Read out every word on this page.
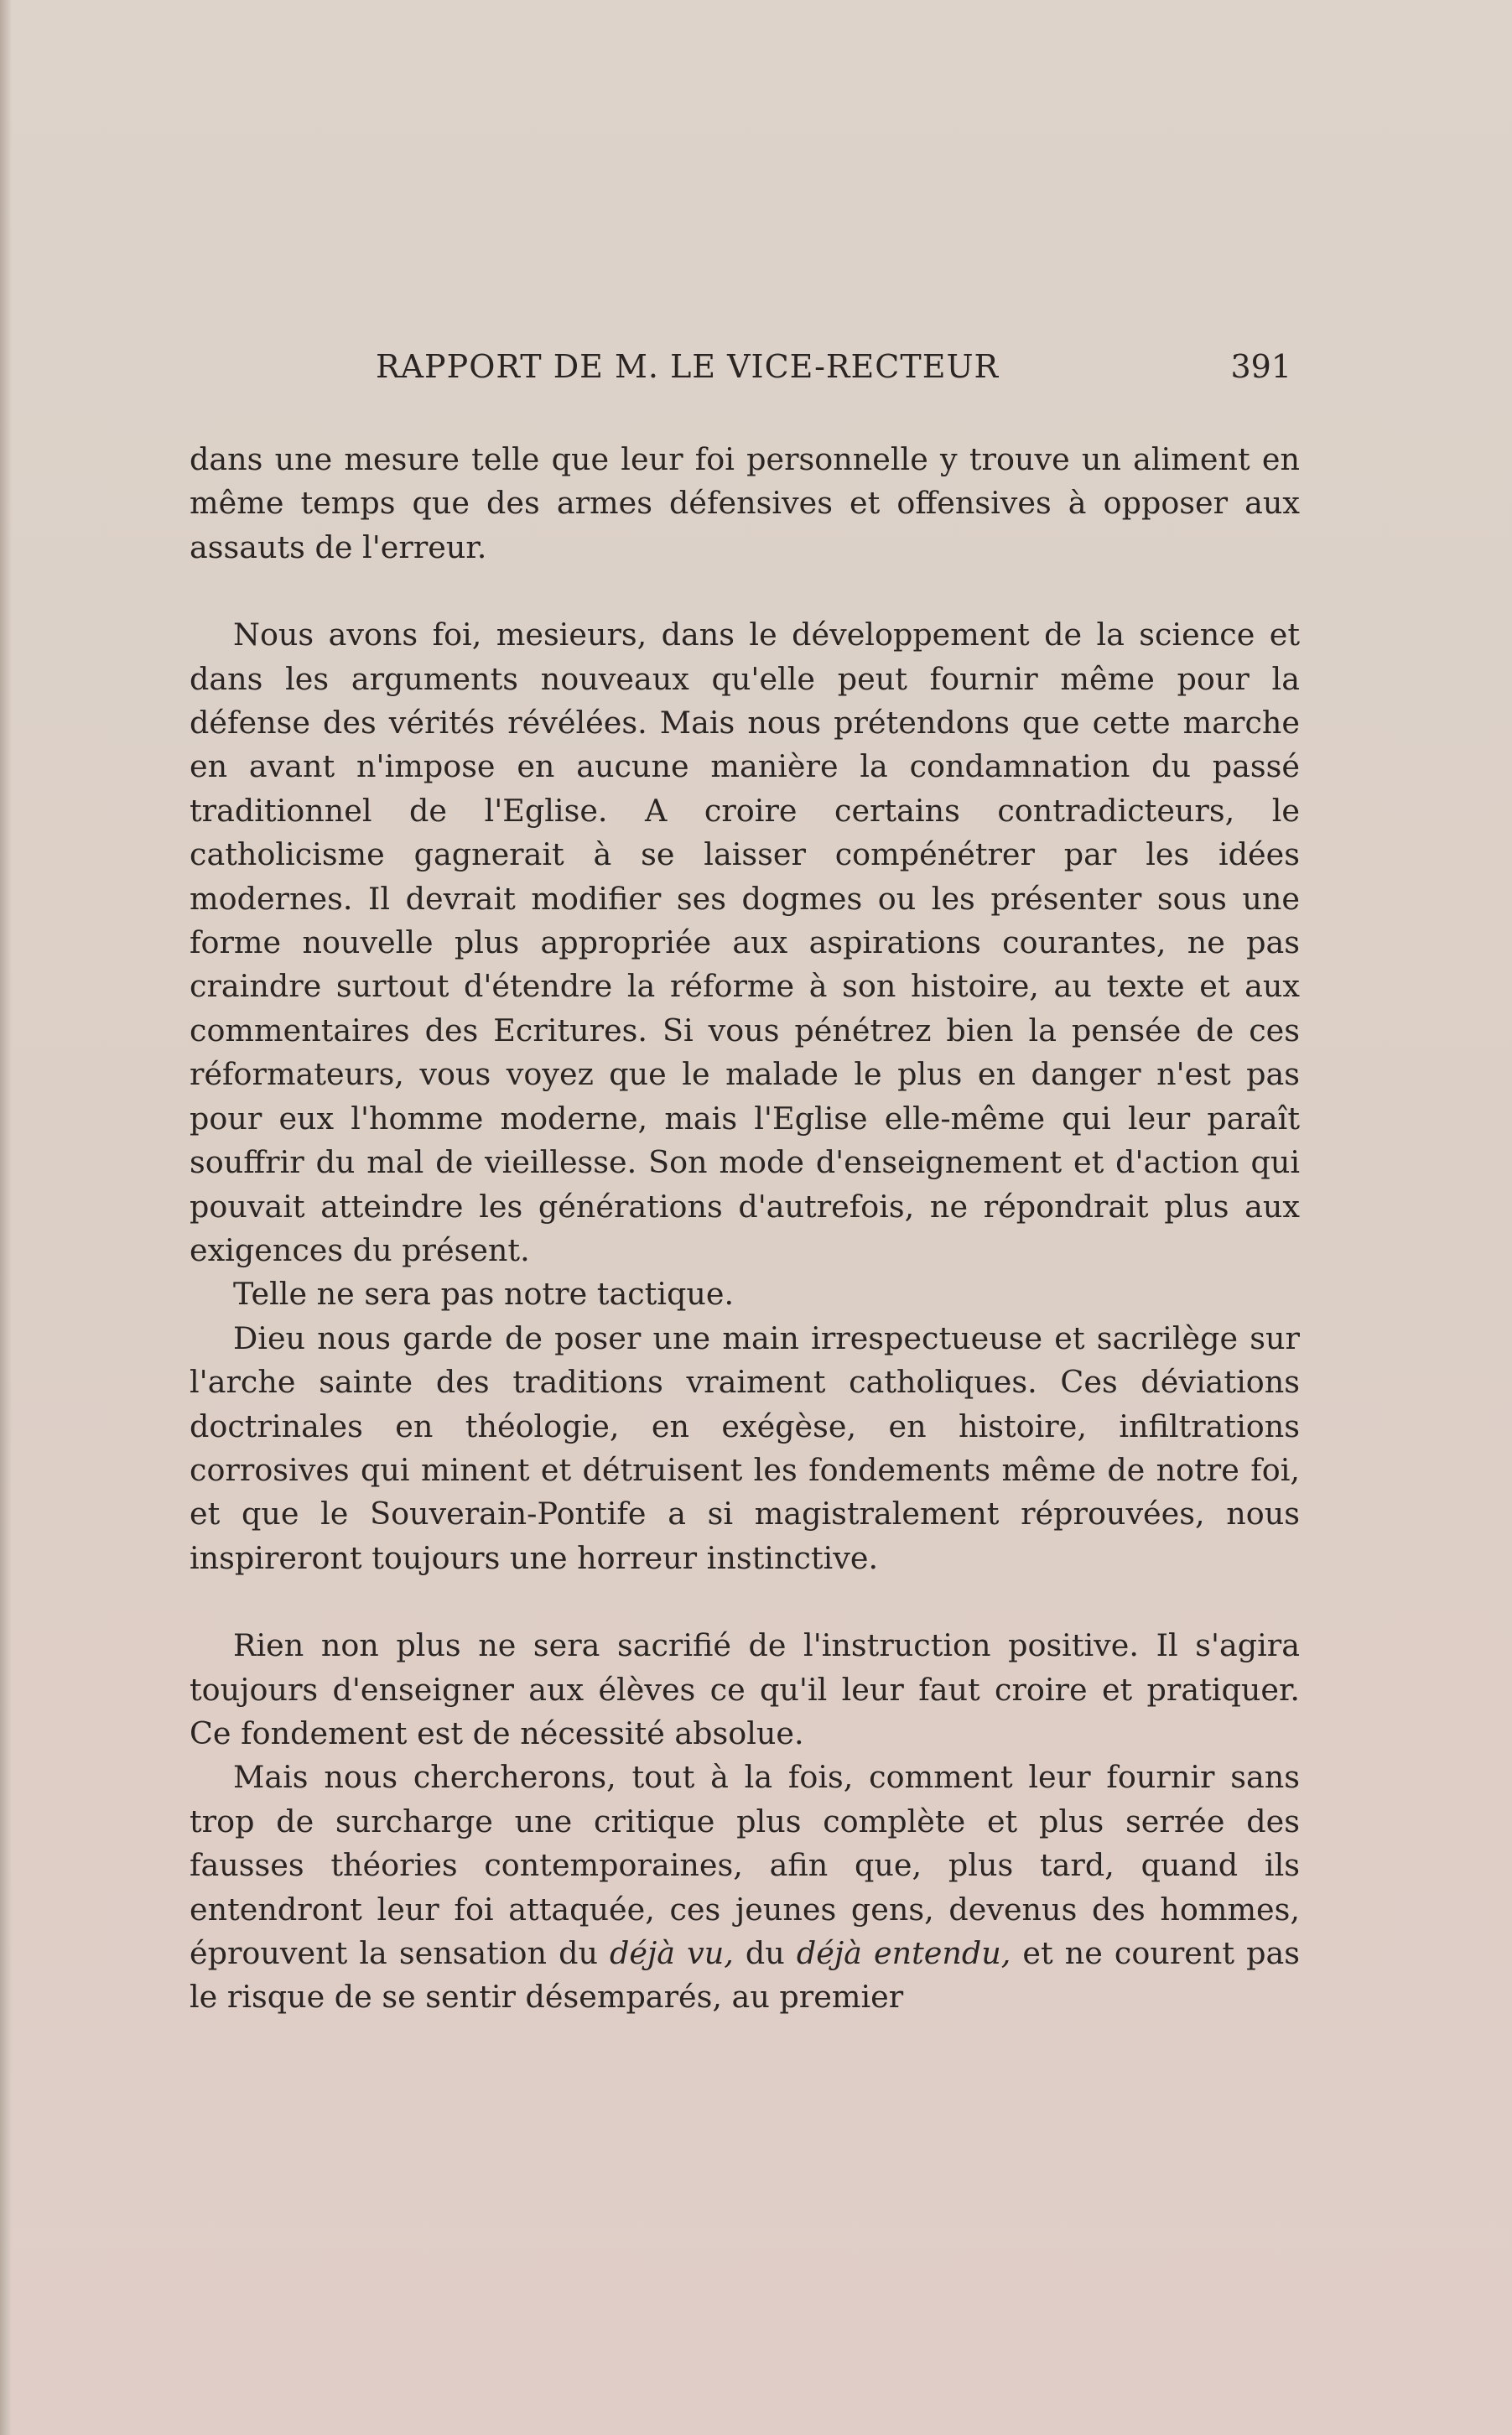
RAPPORT DE M. LE VICE-RECTEUR	391

dans une mesure telle que leur foi personnelle y trouve un aliment en même temps que des armes défensives et offensives à opposer aux assauts de l'erreur.

Nous avons foi, mesieurs, dans le développement de la science et dans les arguments nouveaux qu'elle peut fournir même pour la défense des vérités révélées. Mais nous prétendons que cette marche en avant n'impose en aucune manière la condamnation du passé traditionnel de l'Eglise. A croire certains contradicteurs, le catholicisme gagnerait à se laisser compénétrer par les idées modernes. Il devrait modifier ses dogmes ou les présenter sous une forme nouvelle plus appropriée aux aspirations courantes, ne pas craindre surtout d'étendre la réforme à son histoire, au texte et aux commentaires des Ecritures. Si vous pénétrez bien la pensée de ces réformateurs, vous voyez que le malade le plus en danger n'est pas pour eux l'homme moderne, mais l'Eglise elle-même qui leur paraît souffrir du mal de vieillesse. Son mode d'enseignement et d'action qui pouvait atteindre les générations d'autrefois, ne répondrait plus aux exigences du présent.

Telle ne sera pas notre tactique.

Dieu nous garde de poser une main irrespectueuse et sacrilège sur l'arche sainte des traditions vraiment catholiques. Ces déviations doctrinales en théologie, en exégèse, en histoire, infiltrations corrosives qui minent et détruisent les fondements même de notre foi, et que le Souverain-Pontife a si magistralement réprouvées, nous inspireront toujours une horreur instinctive.

Rien non plus ne sera sacrifié de l'instruction positive. Il s'agira toujours d'enseigner aux élèves ce qu'il leur faut croire et pratiquer. Ce fondement est de nécessité absolue.

Mais nous chercherons, tout à la fois, comment leur fournir sans trop de surcharge une critique plus complète et plus serrée des fausses théories contemporaines, afin que, plus tard, quand ils entendront leur foi attaquée, ces jeunes gens, devenus des hommes, éprouvent la sensation du déjà vu, du déjà entendu, et ne courent pas le risque de se sentir désemparés, au premier
